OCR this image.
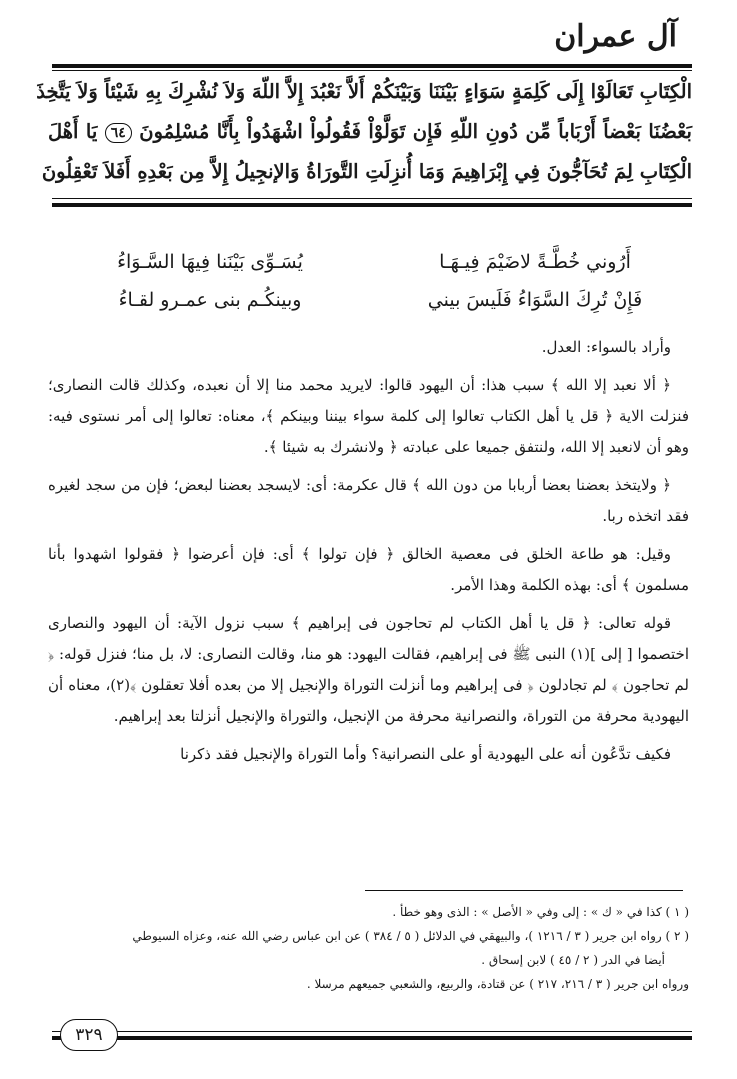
آل عمران
الْكِتَابِ تَعَالَوْا إِلَى كَلِمَةٍ سَوَاءٍ بَيْنَنَا وَبَيْنَكُمْ أَلاَّ نَعْبُدَ إِلاَّ اللّهَ وَلاَ نُشْرِكَ بِهِ شَيْئاً وَلاَ يَتَّخِذَ
بَعْضُنَا بَعْضاً أَرْبَاباً مِّن دُونِ اللّهِ فَإِن تَوَلَّوْاْ فَقُولُواْ اشْهَدُواْ بِأَنَّا مُسْلِمُونَ ٦٤ يَا أَهْلَ
الْكِتَابِ لِمَ تُحَآجُّونَ فِي إِبْرَاهِيمَ وَمَا أُنزِلَتِ التَّورَاةُ وَالإنجِيلُ إِلاَّ مِن بَعْدِهِ أَفَلاَ تَعْقِلُونَ
أَرُوني خُطَّـةً لاضَيْمَ فِيـهَـا
يُسَـوِّى بَيْنَنا فِيهَا السَّـوَاءُ
فَإِنْ تُرِكَ السَّوَاءُ فَلَيسَ بيني
وبينكُـم بنى عمـرو لقـاءُ

وأراد بالسواء: العدل.

﴿ ألا نعبد إلا الله ﴾ سبب هذا: أن اليهود قالوا: لايريد محمد منا إلا أن نعبده، وكذلك قالت النصارى؛ فنزلت الاية ﴿ قل يا أهل الكتاب تعالوا إلى كلمة سواء بيننا وبينكم ﴾، معناه: تعالوا إلى أمر نستوى فيه: وهو أن لانعبد إلا الله، ولنتفق جميعا على عبادته ﴿ ولانشرك به شيئا ﴾.

﴿ ولايتخذ بعضنا بعضا أربابا من دون الله ﴾ قال عكرمة: أى: لايسجد بعضنا لبعض؛ فإن من سجد لغيره فقد اتخذه ربا.

وقيل: هو طاعة الخلق فى معصية الخالق ﴿ فإن تولوا ﴾ أى: فإن أعرضوا ﴿ فقولوا اشهدوا بأنا مسلمون ﴾ أى: بهذه الكلمة وهذا الأمر.

قوله تعالى: ﴿ قل يا أهل الكتاب لم تحاجون فى إبراهيم ﴾ سبب نزول الآية: أن اليهود والنصارى اختصموا [ إلى ](١) النبى ﷺ فى إبراهيم، فقالت اليهود: هو منا، وقالت النصارى: لا، بل منا؛ فنزل قوله: ﴿ لم تحاجون ﴾ لم تجادلون ﴿ فى إبراهيم وما أنزلت التوراة والإنجيل إلا من بعده أفلا تعقلون ﴾(٢)، معناه أن اليهودية محرفة من التوراة، والنصرانية محرفة من الإنجيل، والتوراة والإنجيل أنزلتا بعد إبراهيم.

فكيف تدَّعُون أنه على اليهودية أو على النصرانية؟ وأما التوراة والإنجيل فقد ذكرنا

( ١ ) كذا في « ك » : إلى وفي « الأصل » : الذى وهو خطأ .
( ٢ ) رواه ابن جرير ( ٣ / ١٢١٦ )، والبيهقي في الدلائل ( ٥ / ٣٨٤ ) عن ابن عباس رضي الله عنه، وعزاه السيوطي
أيضا في الدر ( ٢ / ٤٥ ) لابن إسحاق .
ورواه ابن جرير ( ٣ / ٢١٦، ٢١٧ ) عن قتادة، والربيع، والشعبي جميعهم مرسلا .
٣٢٩
